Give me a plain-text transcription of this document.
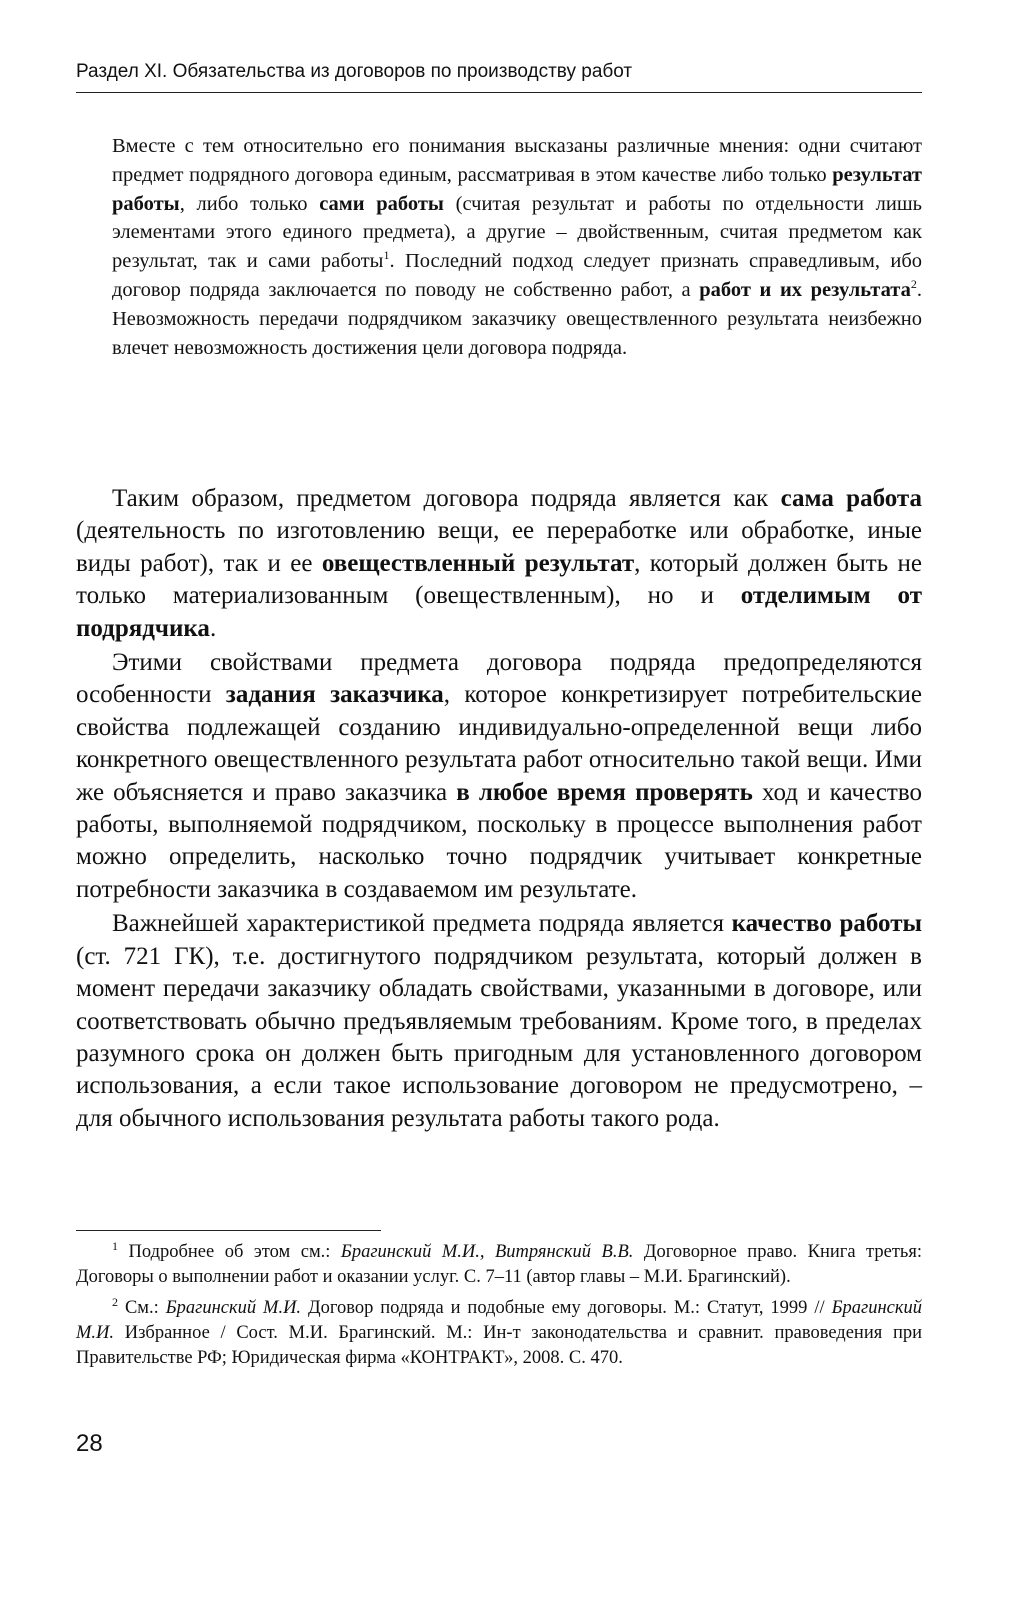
Раздел XI. Обязательства из договоров по производству работ

Вместе с тем относительно его понимания высказаны различные мнения: одни считают предмет подрядного договора единым, рассматривая в этом качестве либо только результат работы, либо только сами работы (считая результат и работы по отдельности лишь элементами этого единого предмета), а другие – двойственным, считая предметом как результат, так и сами работы$^1$. Последний подход следует признать справедливым, ибо договор подряда заключается по поводу не собственно работ, а работ и их результата$^2$. Невозможность передачи подрядчиком заказчику овеществленного результата неизбежно влечет невозможность достижения цели договора подряда.

Таким образом, предметом договора подряда является как сама работа (деятельность по изготовлению вещи, ее переработке или обработке, иные виды работ), так и ее овеществленный результат, который должен быть не только материализованным (овеществленным), но и отделимым от подрядчика.

Этими свойствами предмета договора подряда предопределяются особенности задания заказчика, которое конкретизирует потребительские свойства подлежащей созданию индивидуально-определенной вещи либо конкретного овеществленного результата работ относительно такой вещи. Ими же объясняется и право заказчика в любое время проверять ход и качество работы, выполняемой подрядчиком, поскольку в процессе выполнения работ можно определить, насколько точно подрядчик учитывает конкретные потребности заказчика в создаваемом им результате.

Важнейшей характеристикой предмета подряда является качество работы (ст. 721 ГК), т.е. достигнутого подрядчиком результата, который должен в момент передачи заказчику обладать свойствами, указанными в договоре, или соответствовать обычно предъявляемым требованиям. Кроме того, в пределах разумного срока он должен быть пригодным для установленного договором использования, а если такое использование договором не предусмотрено, – для обычного использования результата работы такого рода.

$^1$ Подробнее об этом см.: Брагинский М.И., Витрянский В.В. Договорное право. Книга третья: Договоры о выполнении работ и оказании услуг. С. 7–11 (автор главы – М.И. Брагинский).

$^2$ См.: Брагинский М.И. Договор подряда и подобные ему договоры. М.: Статут, 1999 // Брагинский М.И. Избранное / Сост. М.И. Брагинский. М.: Ин-т законодательства и сравнит. правоведения при Правительстве РФ; Юридическая фирма «КОНТРАКТ», 2008. С. 470.

28
